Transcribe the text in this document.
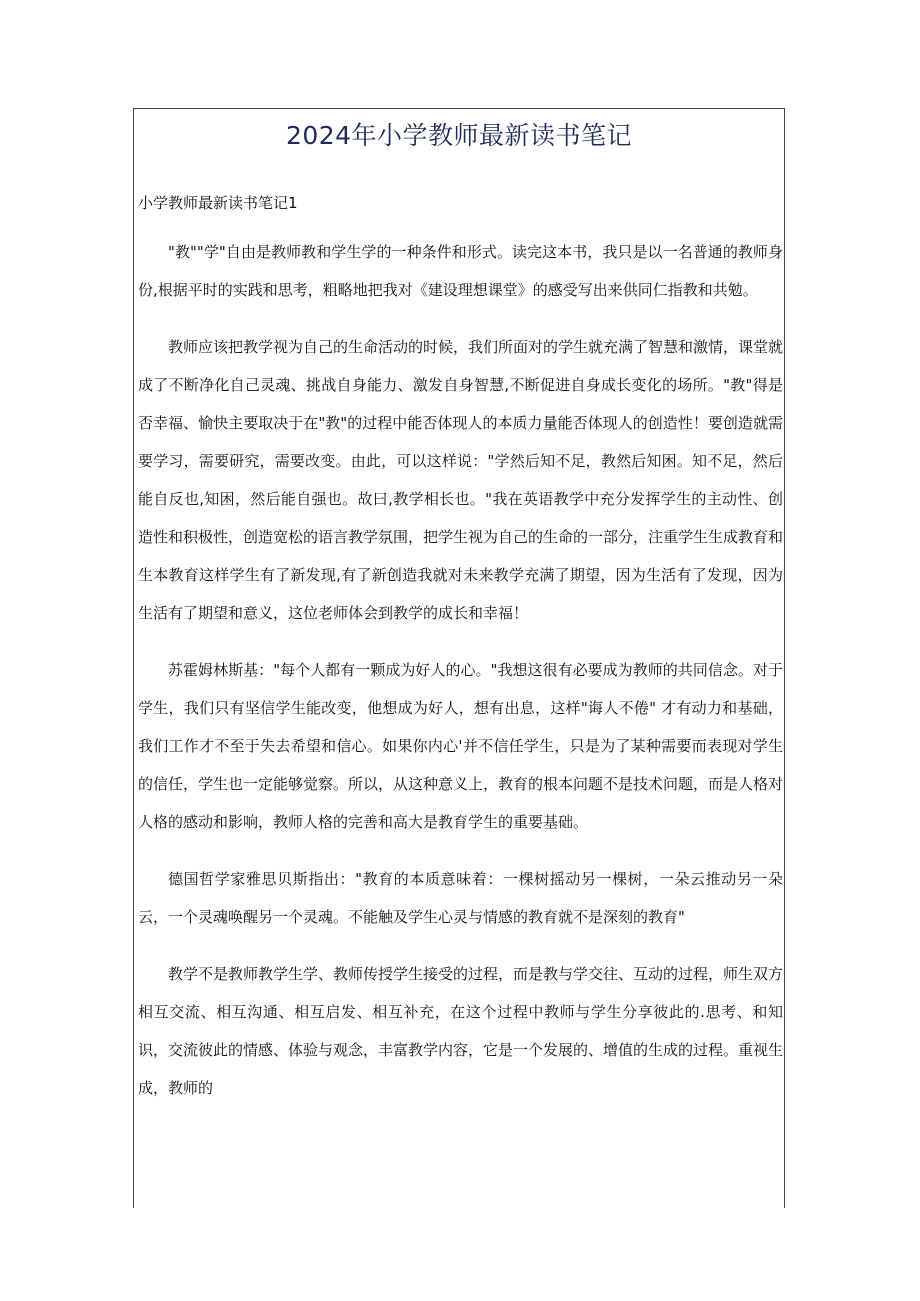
2024年小学教师最新读书笔记

小学教师最新读书笔记1

"教""学"自由是教师教和学生学的一种条件和形式。读完这本书，我只是以一名普通的教师身份,根据平时的实践和思考，粗略地把我对《建设理想课堂》的感受写出来供同仁指教和共勉。

教师应该把教学视为自己的生命活动的时候，我们所面对的学生就充满了智慧和激情，课堂就成了不断净化自己灵魂、挑战自身能力、激发自身智慧,不断促进自身成长变化的场所。"教"得是否幸福、愉快主要取决于在"教"的过程中能否体现人的本质力量能否体现人的创造性！要创造就需要学习，需要研究，需要改变。由此，可以这样说："学然后知不足，教然后知困。知不足，然后能自反也,知困，然后能自强也。故曰,教学相长也。"我在英语教学中充分发挥学生的主动性、创造性和积极性，创造宽松的语言教学氛围，把学生视为自己的生命的一部分，注重学生生成教育和生本教育这样学生有了新发现,有了新创造我就对未来教学充满了期望，因为生活有了发现，因为生活有了期望和意义，这位老师体会到教学的成长和幸福！

苏霍姆林斯基："每个人都有一颗成为好人的心。"我想这很有必要成为教师的共同信念。对于学生，我们只有坚信学生能改变，他想成为好人，想有出息，这样"诲人不倦" 才有动力和基础，我们工作才不至于失去希望和信心。如果你内心'并不信任学生，只是为了某种需要而表现对学生的信任，学生也一定能够觉察。所以，从这种意义上，教育的根本问题不是技术问题，而是人格对人格的感动和影响，教师人格的完善和高大是教育学生的重要基础。

德国哲学家雅思贝斯指出："教育的本质意味着：一棵树摇动另一棵树，一朵云推动另一朵云，一个灵魂唤醒另一个灵魂。不能触及学生心灵与情感的教育就不是深刻的教育"

教学不是教师教学生学、教师传授学生接受的过程，而是教与学交往、互动的过程，师生双方相互交流、相互沟通、相互启发、相互补充，在这个过程中教师与学生分享彼此的.思考、和知识，交流彼此的情感、体验与观念，丰富教学内容，它是一个发展的、增值的生成的过程。重视生成，教师的
